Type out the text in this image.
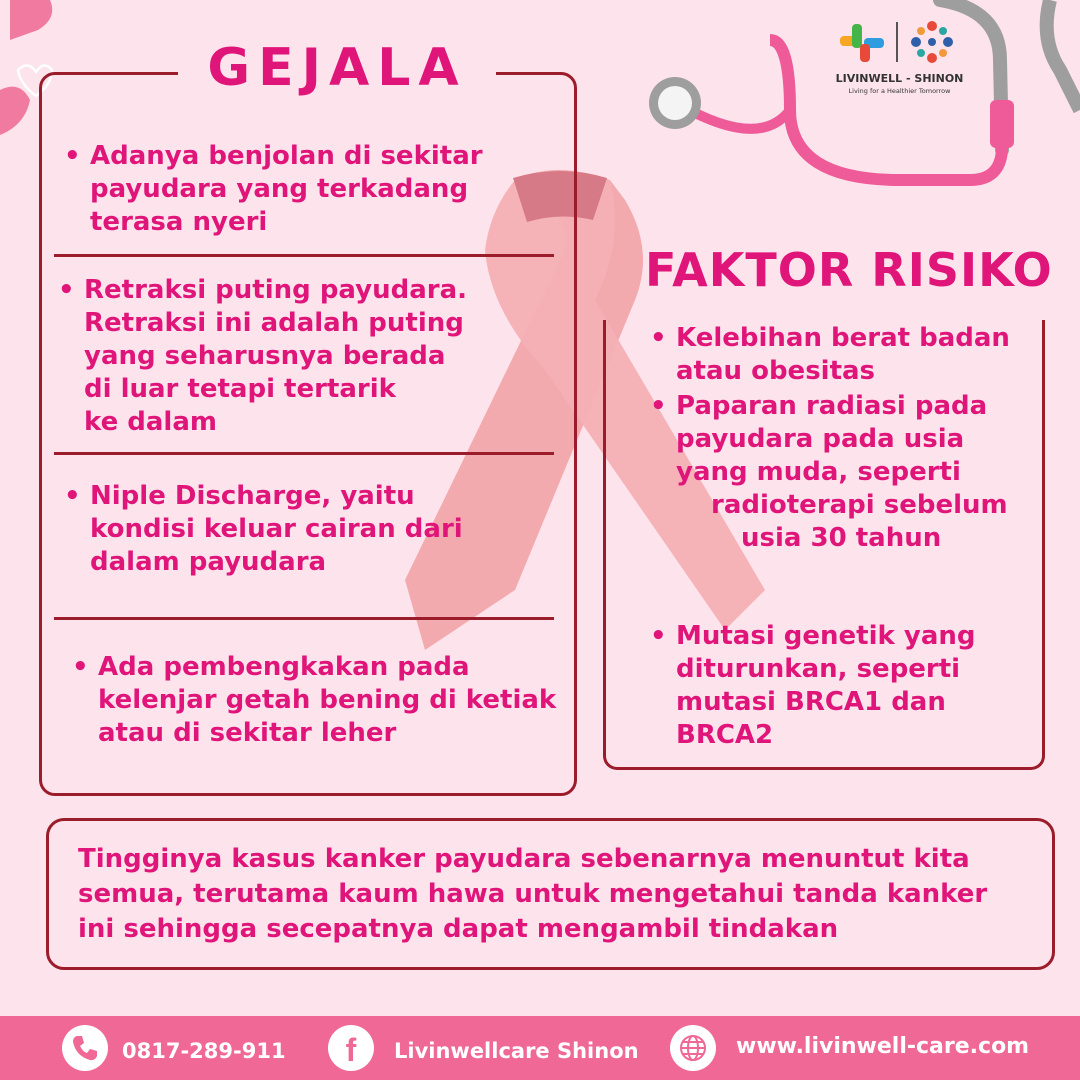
LIVINWELL - SHINON
Living for a Healthier Tomorrow
GEJALA
• Adanya benjolan di sekitar
payudara yang terkadang
terasa nyeri
• Retraksi puting payudara.
Retraksi ini adalah puting
yang seharusnya berada
di luar tetapi tertarik
ke dalam
• Niple Discharge, yaitu
kondisi keluar cairan dari
dalam payudara
• Ada pembengkakan pada
kelenjar getah bening di ketiak
atau di sekitar leher
FAKTOR RISIKO
• Kelebihan berat badan
atau obesitas
• Paparan radiasi pada
payudara pada usia
yang muda, seperti
radioterapi sebelum
usia 30 tahun
• Mutasi genetik yang
diturunkan, seperti
mutasi BRCA1 dan
BRCA2
Tingginya kasus kanker payudara sebenarnya menuntut kita
semua, terutama kaum hawa untuk mengetahui tanda kanker
ini sehingga secepatnya dapat mengambil tindakan
0817-289-911	f	Livinwellcare Shinon	www.livinwell-care.com
